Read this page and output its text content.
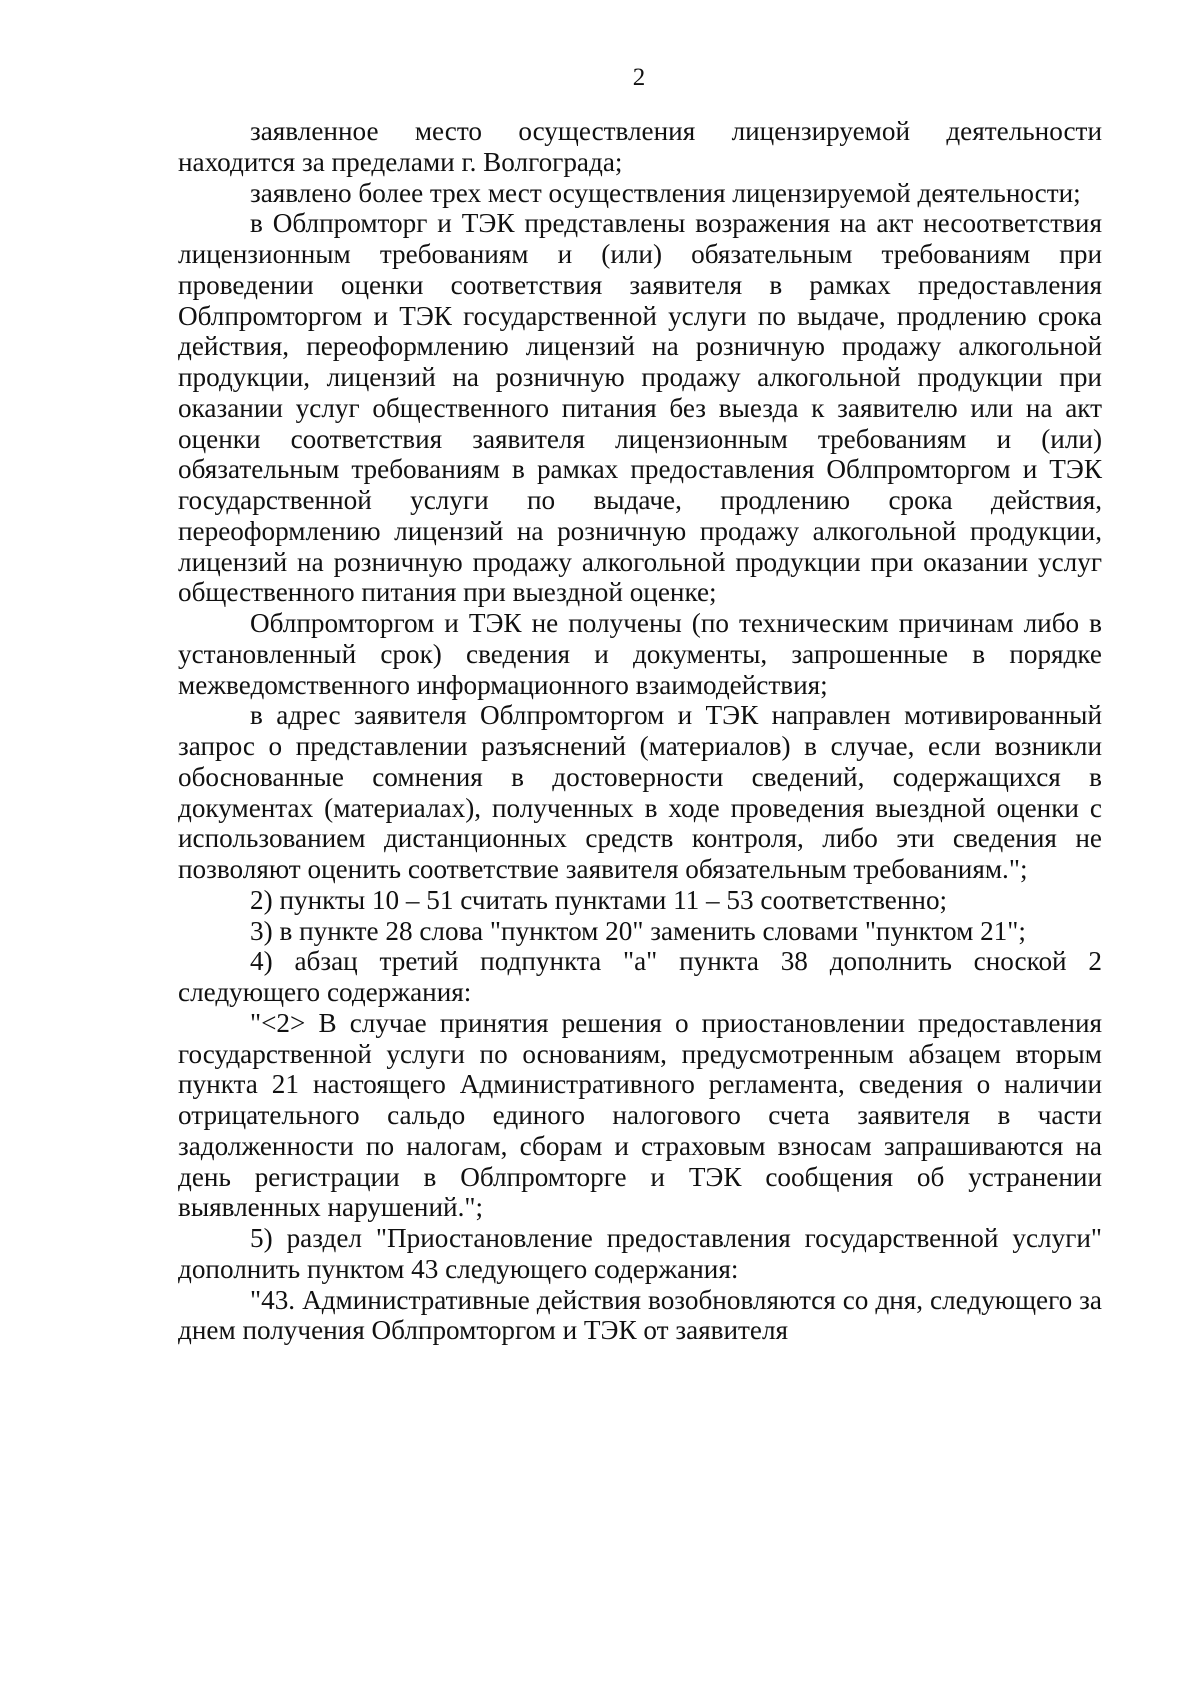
2

заявленное место осуществления лицензируемой деятельности находится за пределами г. Волгограда;

заявлено более трех мест осуществления лицензируемой деятельности;

в Облпромторг и ТЭК представлены возражения на акт несоответствия лицензионным требованиям и (или) обязательным требованиям при проведении оценки соответствия заявителя в рамках предоставления Облпромторгом и ТЭК государственной услуги по выдаче, продлению срока действия, переоформлению лицензий на розничную продажу алкогольной продукции, лицензий на розничную продажу алкогольной продукции при оказании услуг общественного питания без выезда к заявителю или на акт оценки соответствия заявителя лицензионным требованиям и (или) обязательным требованиям в рамках предоставления Облпромторгом и ТЭК государственной услуги по выдаче, продлению срока действия, переоформлению лицензий на розничную продажу алкогольной продукции, лицензий на розничную продажу алкогольной продукции при оказании услуг общественного питания при выездной оценке;

Облпромторгом и ТЭК не получены (по техническим причинам либо в установленный срок) сведения и документы, запрошенные в порядке межведомственного информационного взаимодействия;

в адрес заявителя Облпромторгом и ТЭК направлен мотивированный запрос о представлении разъяснений (материалов) в случае, если возникли обоснованные сомнения в достоверности сведений, содержащихся в документах (материалах), полученных в ходе проведения выездной оценки с использованием дистанционных средств контроля, либо эти сведения не позволяют оценить соответствие заявителя обязательным требованиям.";

2) пункты 10 – 51 считать пунктами 11 – 53 соответственно;

3) в пункте 28 слова "пунктом 20" заменить словами "пунктом 21";

4) абзац третий подпункта "а" пункта 38 дополнить сноской 2 следующего содержания:

"<2> В случае принятия решения о приостановлении предоставления государственной услуги по основаниям, предусмотренным абзацем вторым пункта 21 настоящего Административного регламента, сведения о наличии отрицательного сальдо единого налогового счета заявителя в части задолженности по налогам, сборам и страховым взносам запрашиваются на день регистрации в Облпромторге и ТЭК сообщения об устранении выявленных нарушений.";

5) раздел "Приостановление предоставления государственной услуги" дополнить пунктом 43 следующего содержания:

"43. Административные действия возобновляются со дня, следующего за днем получения Облпромторгом и ТЭК от заявителя
